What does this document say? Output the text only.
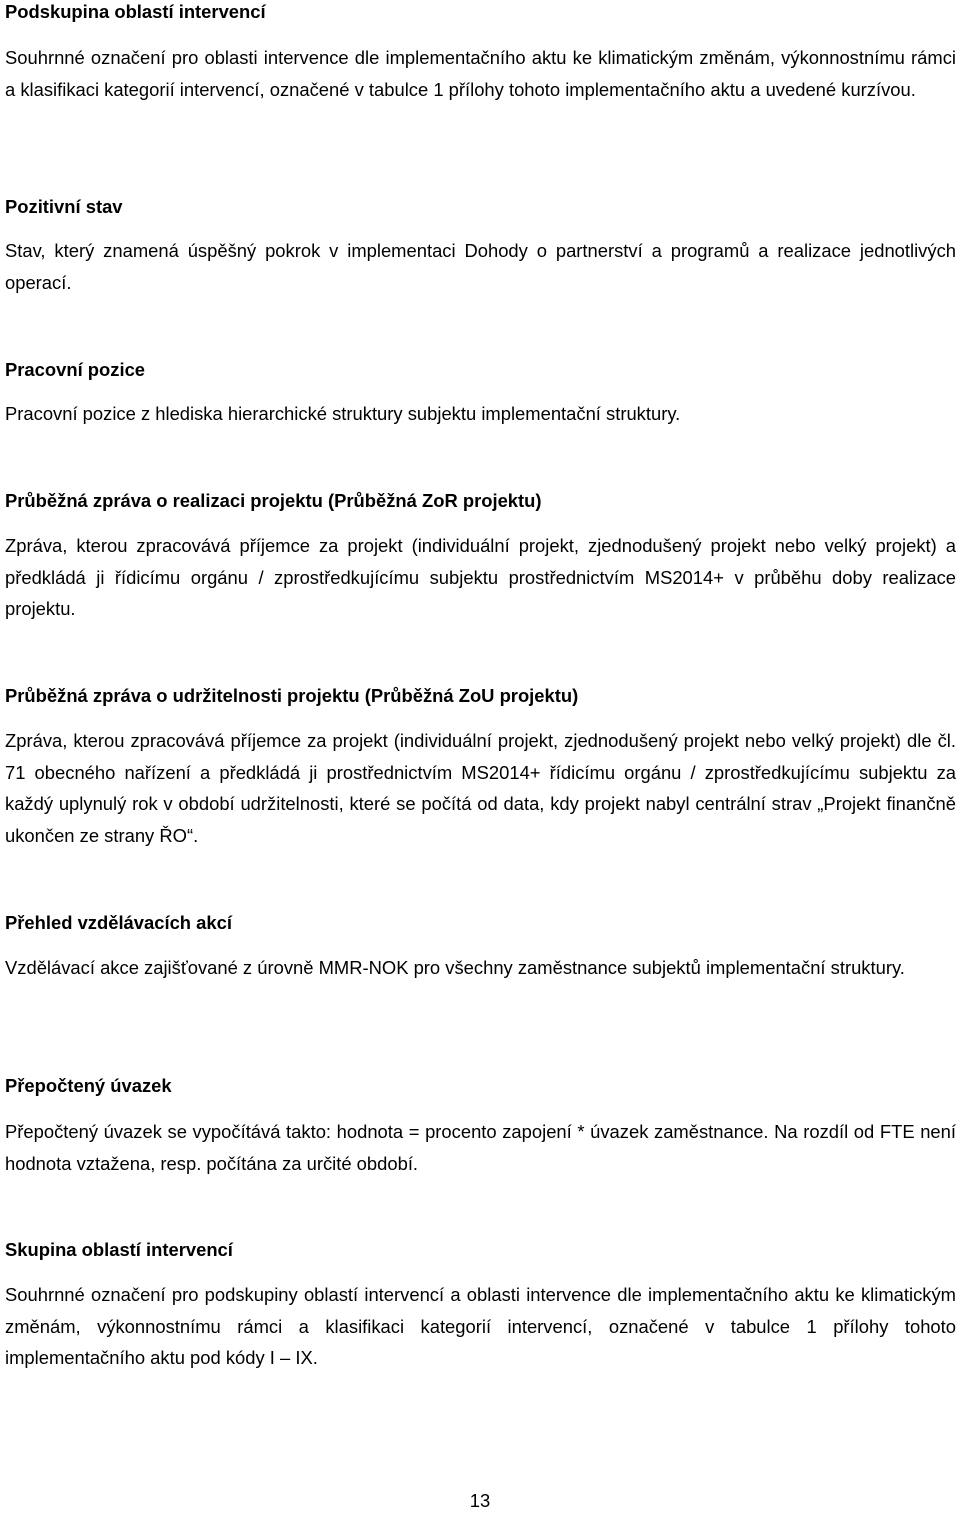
Podskupina oblastí intervencí

Souhrnné označení pro oblasti intervence dle implementačního aktu ke klimatickým změnám, výkonnostnímu rámci a klasifikaci kategorií intervencí, označené v tabulce 1 přílohy tohoto implementačního aktu a uvedené kurzívou.

Pozitivní stav

Stav, který znamená úspěšný pokrok v implementaci Dohody o partnerství a programů a realizace jednotlivých operací.

Pracovní pozice

Pracovní pozice z hlediska hierarchické struktury subjektu implementační struktury.

Průběžná zpráva o realizaci projektu (Průběžná ZoR projektu)

Zpráva, kterou zpracovává příjemce za projekt (individuální projekt, zjednodušený projekt nebo velký projekt) a předkládá ji řídicímu orgánu / zprostředkujícímu subjektu prostřednictvím MS2014+ v průběhu doby realizace projektu.

Průběžná zpráva o udržitelnosti projektu (Průběžná ZoU projektu)

Zpráva, kterou zpracovává příjemce za projekt (individuální projekt, zjednodušený projekt nebo velký projekt) dle čl. 71 obecného nařízení a předkládá ji prostřednictvím MS2014+ řídicímu orgánu / zprostředkujícímu subjektu za každý uplynulý rok v období udržitelnosti, které se počítá od data, kdy projekt nabyl centrální strav „Projekt finančně ukončen ze strany ŘO“.

Přehled vzdělávacích akcí

Vzdělávací akce zajišťované z úrovně MMR-NOK pro všechny zaměstnance subjektů implementační struktury.

Přepočtený úvazek

Přepočtený úvazek se vypočítává takto: hodnota = procento zapojení * úvazek zaměstnance. Na rozdíl od FTE není hodnota vztažena, resp. počítána za určité období.

Skupina oblastí intervencí

Souhrnné označení pro podskupiny oblastí intervencí a oblasti intervence dle implementačního aktu ke klimatickým změnám, výkonnostnímu rámci a klasifikaci kategorií intervencí, označené v tabulce 1 přílohy tohoto implementačního aktu pod kódy I – IX.

13
